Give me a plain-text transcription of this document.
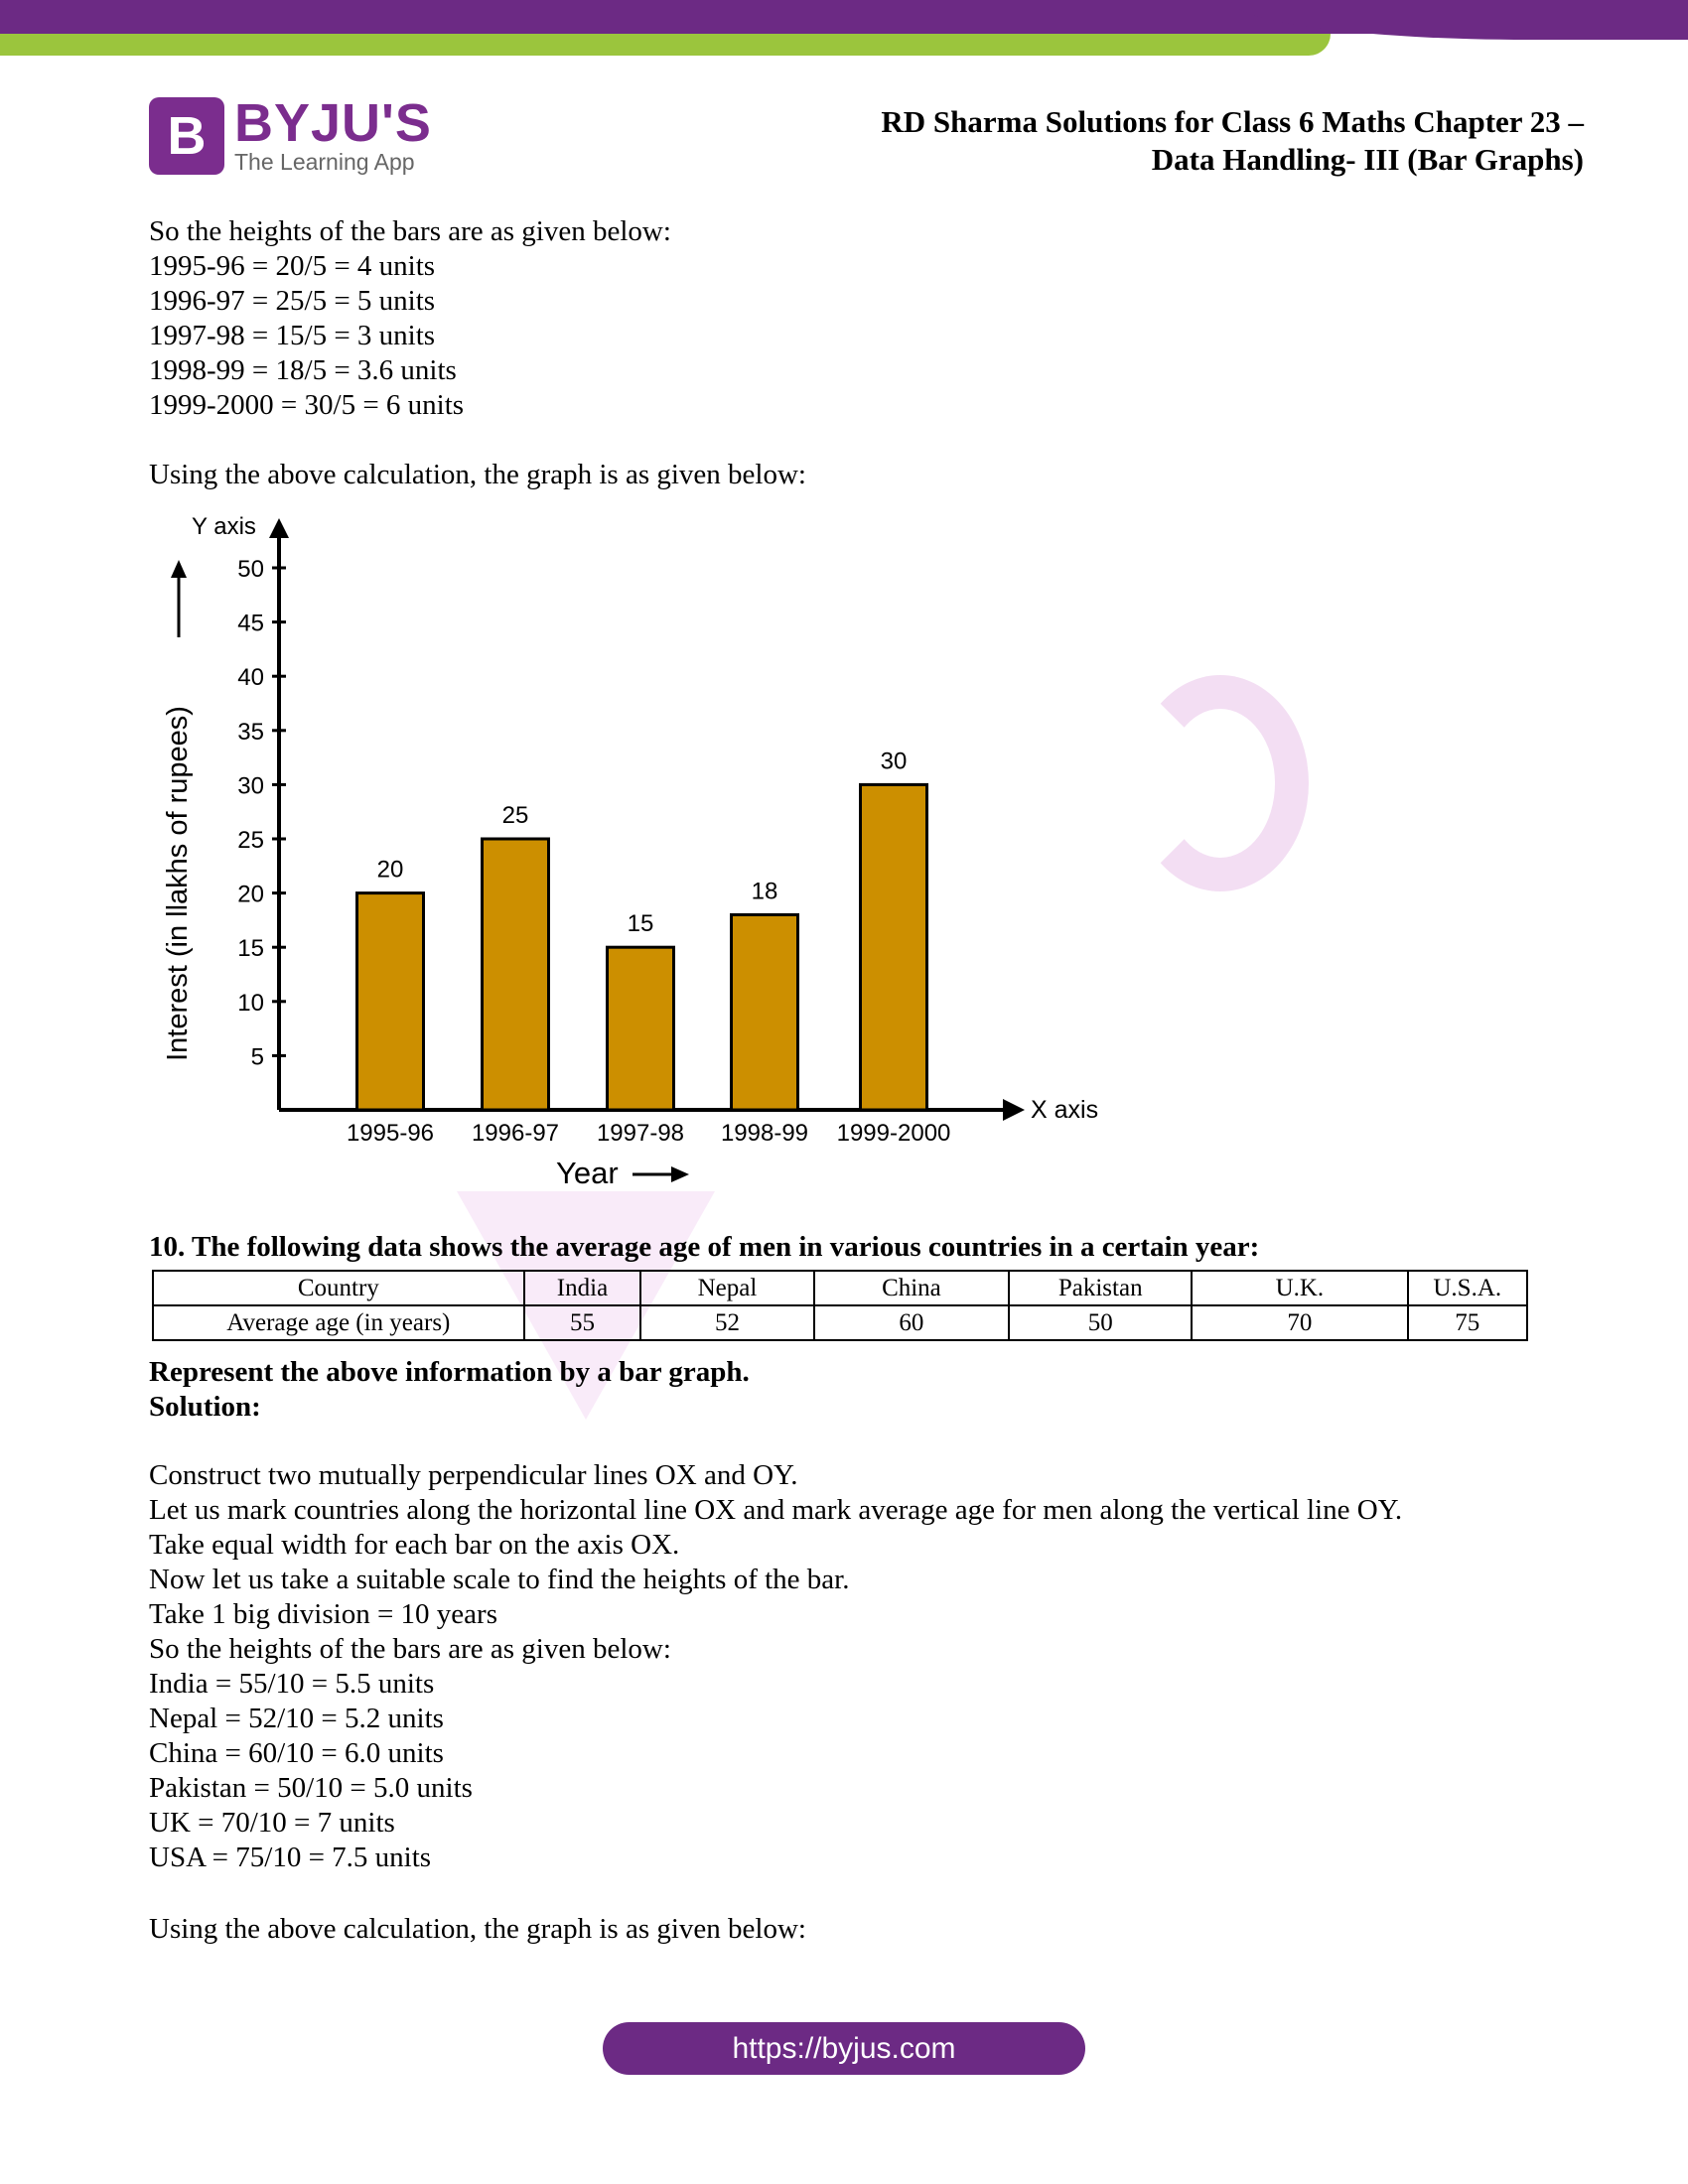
B BYJU'S
The Learning App
RD Sharma Solutions for Class 6 Maths Chapter 23 –
Data Handling- III (Bar Graphs)
So the heights of the bars are as given below:
1995-96 = 20/5 = 4 units
1996-97 = 25/5 = 5 units
1997-98 = 15/5 = 3 units
1998-99 = 18/5 = 3.6 units
1999-2000 = 30/5 = 6 units
Using the above calculation, the graph is as given below:
Y axis
X axis
5
10
15
20
25
30
35
40
45
50
20
1995-96
25
1996-97
15
1997-98
18
1998-99
30
1999-2000
Interest (in llakhs of rupees)
Year
10. The following data shows the average age of men in various countries in a certain year:
Country	India	Nepal	China	Pakistan	U.K.	U.S.A.
Average age (in years)	55	52	60	50	70	75
Represent the above information by a bar graph.
Solution:
Construct two mutually perpendicular lines OX and OY.
Let us mark countries along the horizontal line OX and mark average age for men along the vertical line OY.
Take equal width for each bar on the axis OX.
Now let us take a suitable scale to find the heights of the bar.
Take 1 big division = 10 years
So the heights of the bars are as given below:
India = 55/10 = 5.5 units
Nepal = 52/10 = 5.2 units
China = 60/10 = 6.0 units
Pakistan = 50/10 = 5.0 units
UK = 70/10 = 7 units
USA = 75/10 = 7.5 units
Using the above calculation, the graph is as given below:
https://byjus.com
